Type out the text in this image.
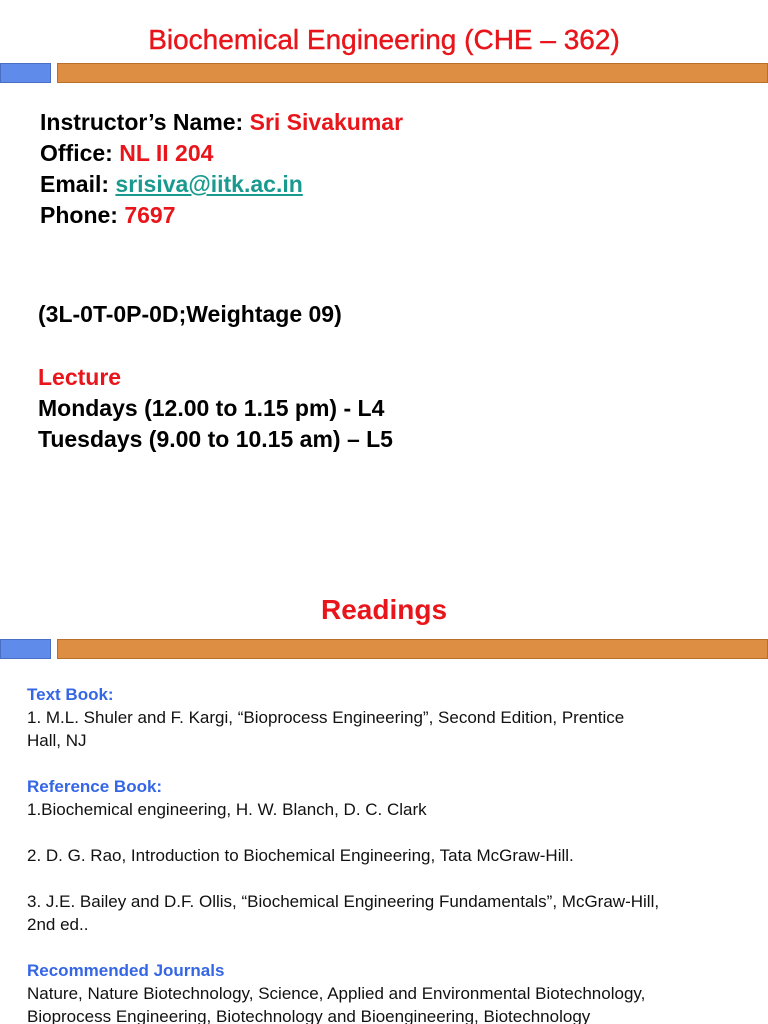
Biochemical Engineering (CHE – 362)
Instructor’s Name: Sri Sivakumar
Office: NL II 204
Email: srisiva@iitk.ac.in
Phone: 7697
(3L-0T-0P-0D;Weightage 09)
Lecture
Mondays (12.00 to 1.15 pm) - L4
Tuesdays (9.00 to 10.15 am) – L5
Readings
Text Book:
1. M.L. Shuler and F. Kargi, “Bioprocess Engineering”, Second Edition, Prentice
Hall, NJ
Reference Book:
1.Biochemical engineering, H. W. Blanch, D. C. Clark
2. D. G. Rao, Introduction to Biochemical Engineering, Tata McGraw-Hill.
3. J.E. Bailey and D.F. Ollis, “Biochemical Engineering Fundamentals”, McGraw-Hill,
2nd ed..
Recommended Journals
Nature, Nature Biotechnology, Science, Applied and Environmental Biotechnology,
Bioprocess Engineering, Biotechnology and Bioengineering, Biotechnology
